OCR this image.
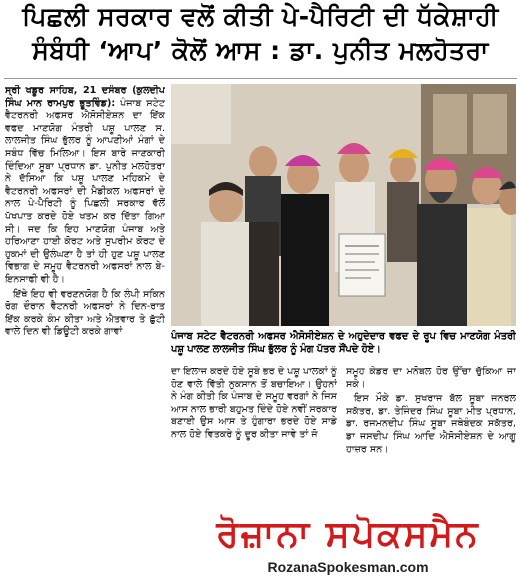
ਪਿਛਲੀ ਸਰਕਾਰ ਵਲੋਂ ਕੀਤੀ ਪੇ-ਪੈਰਿਟੀ ਦੀ ਧੱਕੇਸ਼ਾਹੀ
ਸੰਬੰਧੀ ‘ਆਪ’ ਕੋਲੋਂ ਆਸ : ਡਾ. ਪੁਨੀਤ ਮਲਹੋਤਰਾ

ਸ੍ਰੀ ਖਡੂਰ ਸਾਹਿਬ, 21 ਦਸੰਬਰ (ਕੁਲਦੀਪ ਸਿੰਘ ਮਾਨ ਰਾਮਪੁਰ ਭੂਤਵਿੰਡ): ਪੰਜਾਬ ਸਟੇਟ ਵੈਟਰਨਰੀ ਅਫਸਰ ਐਸੋਸੀਏਸ਼ਨ ਦਾ ਇੱਕ ਵਫਦ ਮਾਣਯੋਗ ਮੰਤਰੀ ਪਸ਼ੂ ਪਾਲਣ ਸ. ਲਾਲਜੀਤ ਸਿੰਘ ਭੁੱਲਰ ਨੂੰ ਆਪਣੀਆਂ ਮੰਗਾਂ ਦੇ ਸਬੰਧ ਵਿੱਚ ਮਿਲਿਆ। ਇਸ ਬਾਰੇ ਜਾਣਕਾਰੀ ਦਿੰਦਿਆ ਸੂਬਾ ਪ੍ਰਧਾਨ ਡਾ. ਪੁਨੀਤ ਮਲਹੋਤਰਾ ਨੇ ਦੱਸਿਆ ਕਿ ਪਸ਼ੂ ਪਾਲਣ ਮਹਿਕਮੇ ਦੇ ਵੈਟਰਨਰੀ ਅਫਸਰਾਂ ਦੀ ਮੈਡੀਕਲ ਅਫਸਰਾਂ ਦੇ ਨਾਲ ਪੇ-ਪੈਰਿਟੀ ਨੂੰ ਪਿਛਲੀ ਸਰਕਾਰ ਵੱਲੋਂ ਪੱਖਪਾਤ ਕਰਦੇ ਹੋਏ ਖਤਮ ਕਰ ਦਿੱਤਾ ਗਿਆ ਸੀ। ਜਦ ਕਿ ਇਹ ਮਾਣਯੋਗ ਪੰਜਾਬ ਅਤੇ ਹਰਿਆਣਾ ਹਾਈ ਕੋਰਟ ਅਤੇ ਸੁਪਰੀਮ ਕੋਰਟ ਦੇ ਹੁਕਮਾਂ ਦੀ ਉਲੰਘਣਾ ਹੈ ਤਾਂ ਹੀ ਹੁਣ ਪਸ਼ੂ ਪਾਲਣ ਵਿਭਾਗ ਦੇ ਸਮੂਹ ਵੈਟਰਨਰੀ ਅਫਸਰਾਂ ਨਾਲ ਬੇ-ਇਨਸਾਫੀ ਵੀ ਹੈ।

ਇੱਥੇ ਇਹ ਵੀ ਵਰਣਨਯੋਗ ਹੈ ਕਿ ਲੰਪੀ ਸਕਿਨ ਰੋਗ ਦੌਰਾਨ ਵੈਟਨਰੀ ਅਫਸਰਾਂ ਨੇ ਦਿਨ-ਰਾਤ ਇੱਕ ਕਰਕੇ ਕੰਮ ਕੀਤਾ ਅਤੇ ਐਤਵਾਰ ਤੇ ਛੁੱਟੀ ਵਾਲੇ ਦਿਨ ਵੀ ਡਿਊਟੀ ਕਰਕੇ ਗਾਵਾਂ	ਪੰਜਾਬ ਸਟੇਟ ਵੈਟਰਨਰੀ ਅਫਸਰ ਐਸੋਸੀਏਸ਼ਨ ਦੇ ਅਹੁਦੇਦਾਰ ਵਫਦ ਦੇ ਰੂਪ ਵਿਚ ਮਾਣਯੋਗ ਮੰਤਰੀ ਪਸ਼ੂ ਪਾਲਣ ਲਾਲਜੀਤ ਸਿੰਘ ਭੁੱਲਰ ਨੂੰ ਮੰਗ ਪੱਤਰ ਸੌਂਪਦੇ ਹੋਏ।

ਦਾ ਇਲਾਜ ਕਰਦੇ ਹੋਏ ਸੂਬੇ ਭਰ ਦੇ ਪਸ਼ੂ ਪਾਲਕਾਂ ਨੂੰ ਹੋਣ ਵਾਲੇ ਵਿੱਤੀ ਨੁਕਸਾਨ ਤੋਂ ਬਚਾਇਆ। ਉਹਨਾਂ ਨੇ ਮੰਗ ਕੀਤੀ ਕਿ ਪੰਜਾਬ ਦੇ ਸਮੂਹ ਵਰਗਾਂ ਨੇ ਜਿਸ ਆਸ ਨਾਲ ਭਾਰੀ ਬਹੁਮਤ ਦਿੰਦੇ ਹੋਏ ਨਵੀਂ ਸਰਕਾਰ ਬਣਾਈ ਉਸ ਆਸ ਤੇ ਹੁੰਗਾਰਾ ਭਰਦੇ ਹੋਏ ਸਾਡੇ ਨਾਲ ਹੋਏ ਵਿਤਕਰੇ ਨੂੰ ਦੂਰ ਕੀਤਾ ਜਾਵੇ ਤਾਂ ਜੋ

ਸਮੂਹ ਕੇਡਰ ਦਾ ਮਨੋਬਲ ਹੋਰ ਉੱਚਾ ਚੁੱਕਿਆ ਜਾ ਸਕੇ।

ਇਸ ਮੌਕੇ ਡਾ. ਸੁਖਰਾਜ ਬੱਲ ਸੂਬਾ ਜਨਰਲ ਸਕੱਤਰ, ਡਾ. ਤੇਜਿੰਦਰ ਸਿੰਘ ਸੂਬਾ ਮੀਤ ਪ੍ਰਧਾਨ, ਡਾ. ਰਜਮਨਦੀਪ ਸਿੰਘ ਸੂਬਾ ਜਥੇਬੰਦਕ ਸਕੱਤਰ, ਡਾ ਜਸਦੀਪ ਸਿੰਘ ਆਦਿ ਐਸੋਸੀਏਸ਼ਨ ਦੇ ਆਗੂ ਹਾਜ਼ਰ ਸਨ।

ਰੋਜ਼ਾਨਾ ਸਪੋਕਸਮੈਨ
RozanaSpokesman.com
